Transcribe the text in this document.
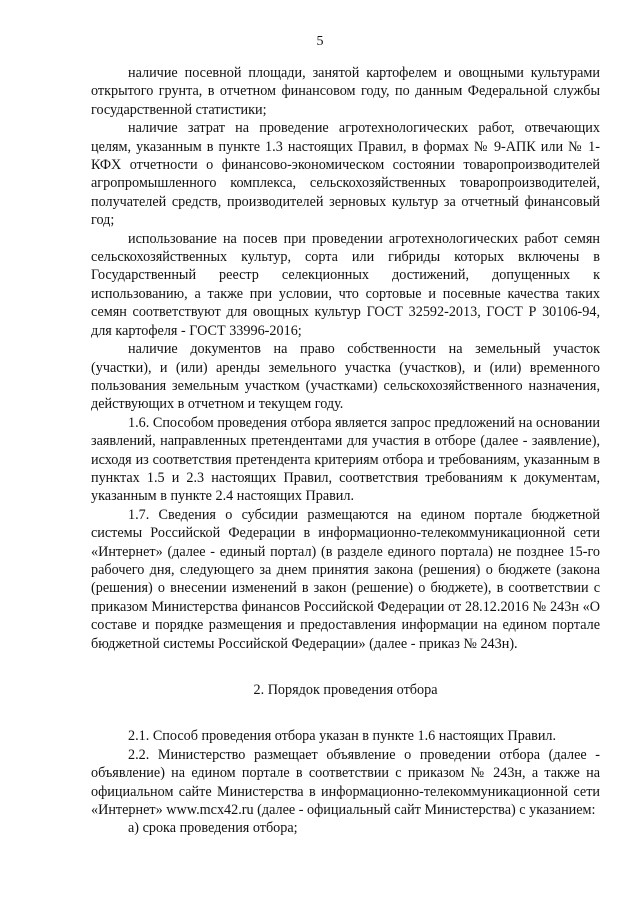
5

наличие посевной площади, занятой картофелем и овощными культурами открытого грунта, в отчетном финансовом году, по данным Федеральной службы государственной статистики;

наличие затрат на проведение агротехнологических работ, отвечающих целям, указанным в пункте 1.3 настоящих Правил, в формах № 9-АПК или № 1-КФХ отчетности о финансово-экономическом состоянии товаропроизводителей агропромышленного комплекса, сельскохозяйственных товаропроизводителей, получателей средств, производителей зерновых культур за отчетный финансовый год;

использование на посев при проведении агротехнологических работ семян сельскохозяйственных культур, сорта или гибриды которых включены в Государственный реестр селекционных достижений, допущенных к использованию, а также при условии, что сортовые и посевные качества таких семян соответствуют для овощных культур ГОСТ 32592-2013, ГОСТ Р 30106-94, для картофеля - ГОСТ 33996-2016;

наличие документов на право собственности на земельный участок (участки), и (или) аренды земельного участка (участков), и (или) временного пользования земельным участком (участками) сельскохозяйственного назначения, действующих в отчетном и текущем году.

1.6. Способом проведения отбора является запрос предложений на основании заявлений, направленных претендентами для участия в отборе (далее - заявление), исходя из соответствия претендента критериям отбора и требованиям, указанным в пунктах 1.5 и 2.3 настоящих Правил, соответствия требованиям к документам, указанным в пункте 2.4 настоящих Правил.

1.7. Сведения о субсидии размещаются на едином портале бюджетной системы Российской Федерации в информационно-телекоммуникационной сети «Интернет» (далее - единый портал) (в разделе единого портала) не позднее 15-го рабочего дня, следующего за днем принятия закона (решения) о бюджете (закона (решения) о внесении изменений в закон (решение) о бюджете), в соответствии с приказом Министерства финансов Российской Федерации от 28.12.2016 № 243н «О составе и порядке размещения и предоставления информации на едином портале бюджетной системы Российской Федерации» (далее - приказ № 243н).

2. Порядок проведения отбора

2.1. Способ проведения отбора указан в пункте 1.6 настоящих Правил.

2.2. Министерство размещает объявление о проведении отбора (далее - объявление) на едином портале в соответствии с приказом № 243н, а также на официальном сайте Министерства в информационно-телекоммуникационной сети «Интернет» www.mcx42.ru (далее - официальный сайт Министерства) с указанием:

а) срока проведения отбора;
